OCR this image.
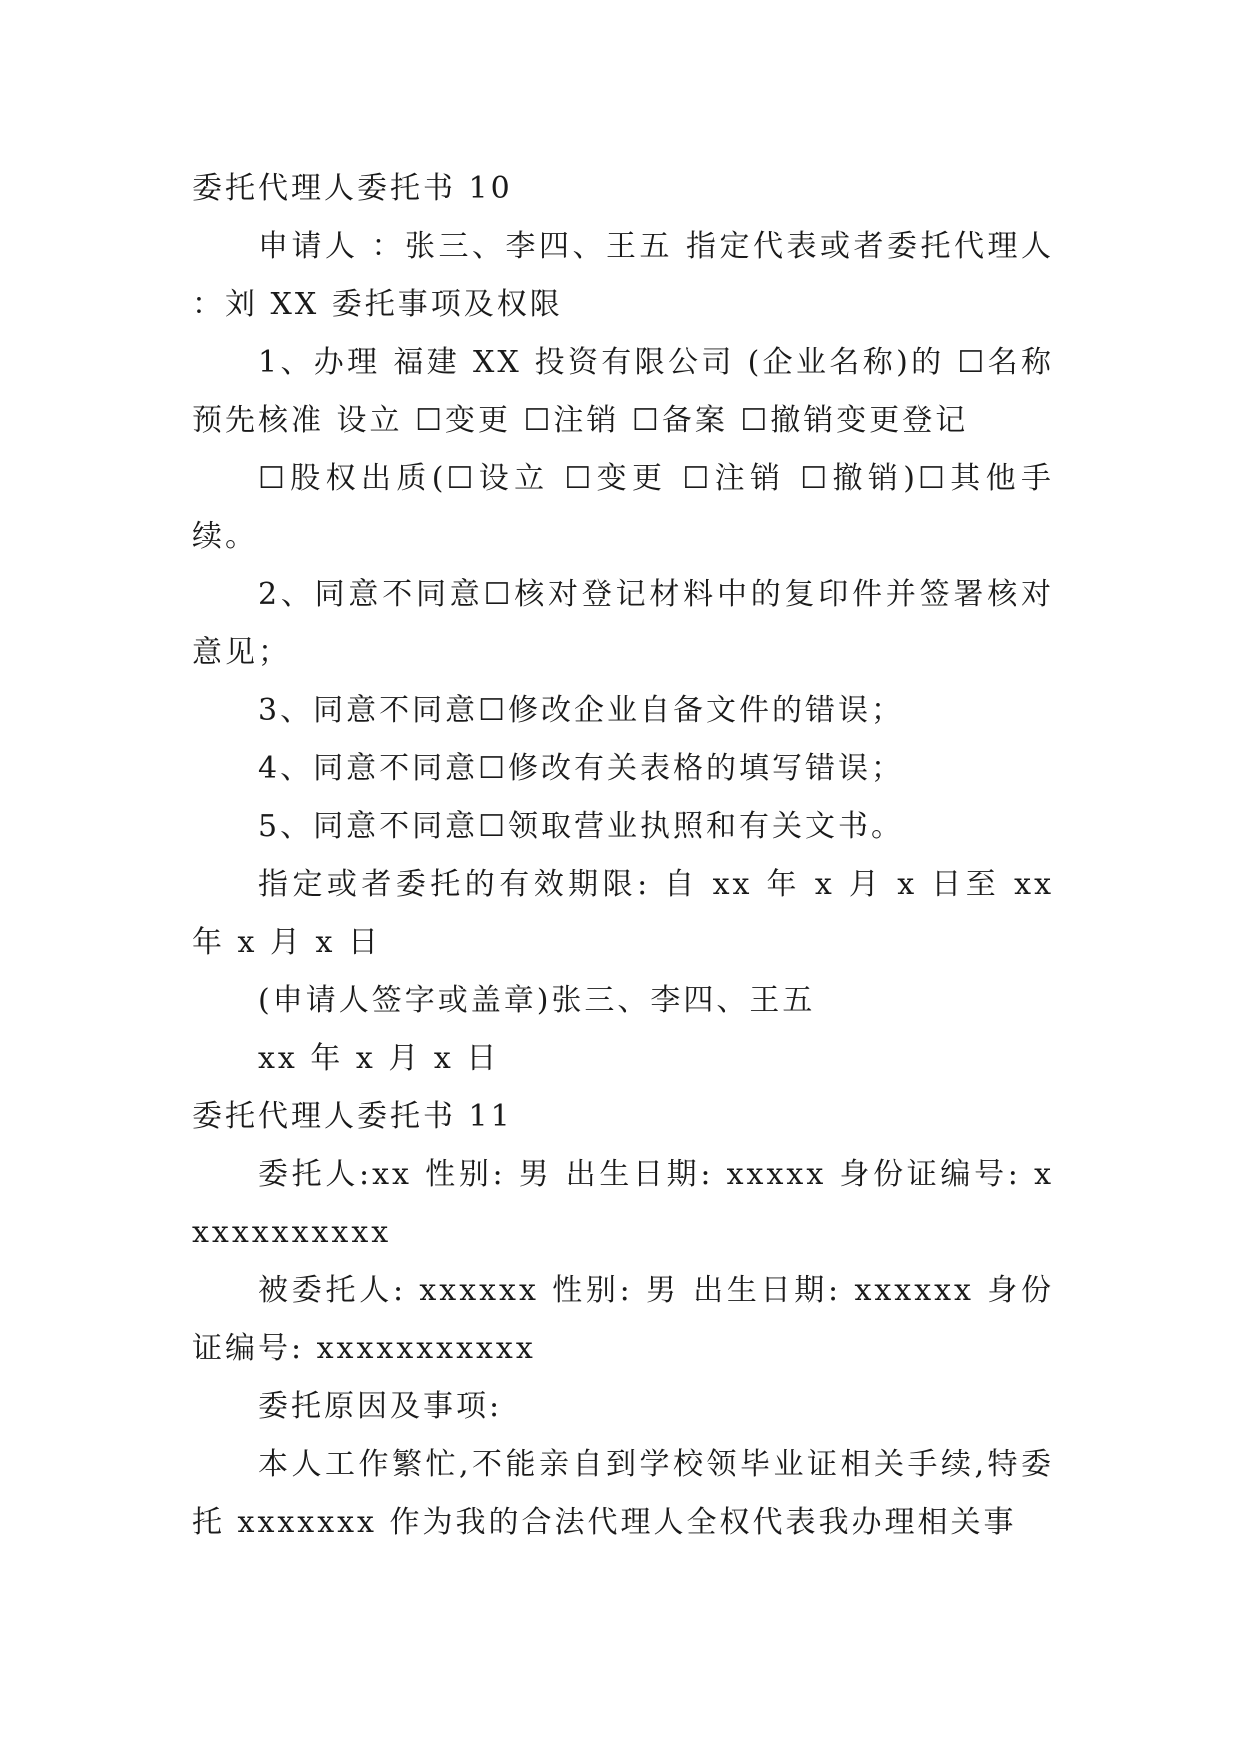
委托代理人委托书 10

申请人 ：张三、李四、王五 指定代表或者委托代理人 ：刘 XX 委托事项及权限

1、办理 福建 XX 投资有限公司 (企业名称)的 ☐名称预先核准 设立 ☐变更 ☐注销 ☐备案 ☐撤销变更登记

☐股权出质(☐设立 ☐变更 ☐注销 ☐撤销)☐其他手续。

2、同意不同意☐核对登记材料中的复印件并签署核对意见；

3、同意不同意☐修改企业自备文件的错误；

4、同意不同意☐修改有关表格的填写错误；

5、同意不同意☐领取营业执照和有关文书。

指定或者委托的有效期限: 自 xx 年 x 月 x 日至 xx 年 x 月 x 日

(申请人签字或盖章)张三、李四、王五

xx 年 x 月 x 日

委托代理人委托书 11

委托人:xx 性别: 男 出生日期: xxxxx 身份证编号: xxxxxxxxxxx

被委托人: xxxxxx 性别: 男 出生日期: xxxxxx 身份证编号: xxxxxxxxxxx

委托原因及事项:

本人工作繁忙,不能亲自到学校领毕业证相关手续,特委托 xxxxxxx 作为我的合法代理人全权代表我办理相关事
